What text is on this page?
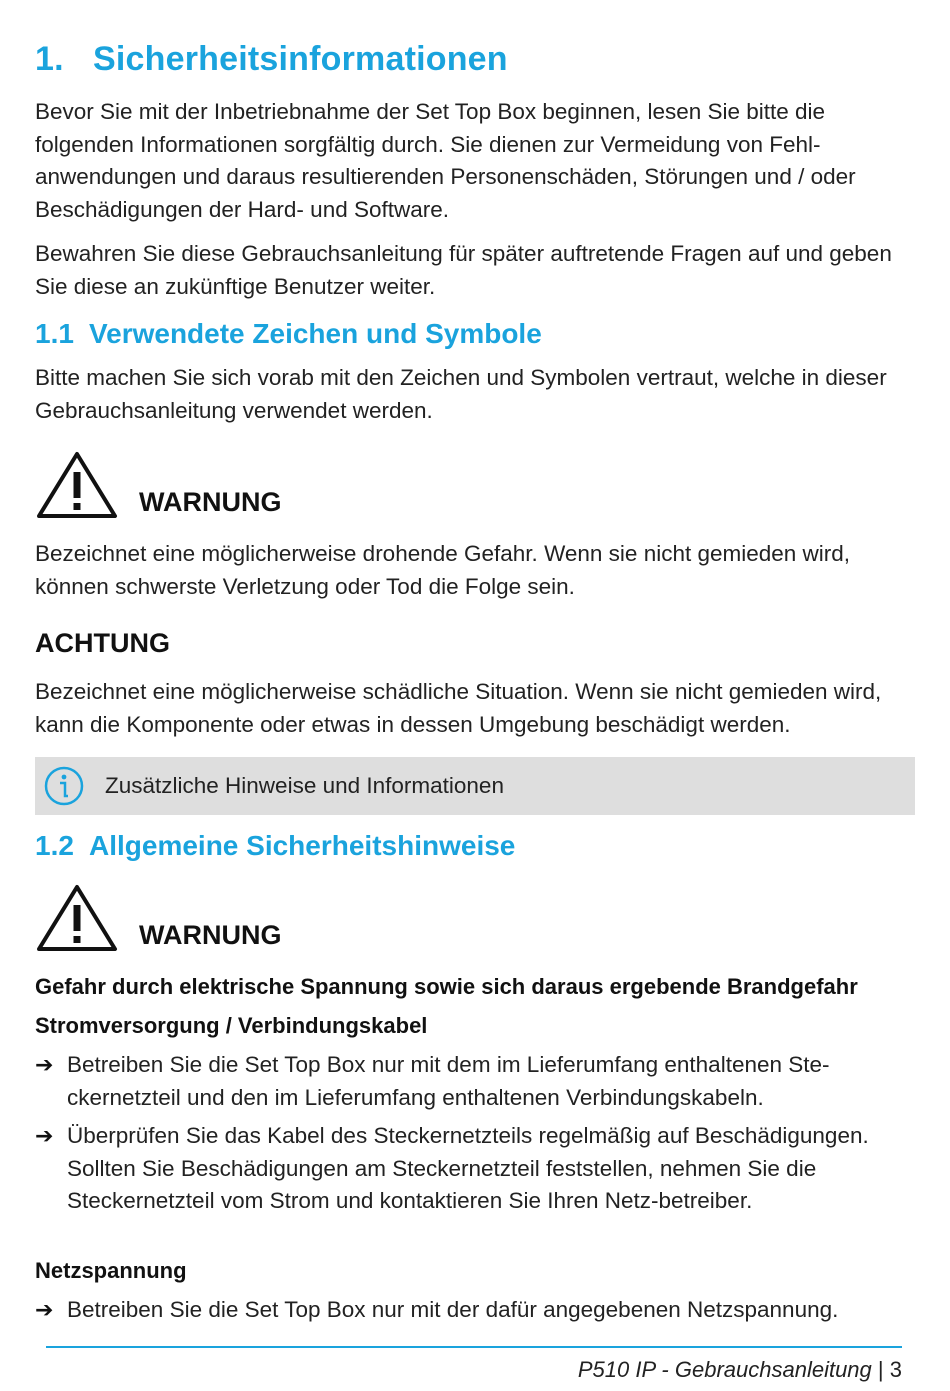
1. Sicherheitsinformationen

Bevor Sie mit der Inbetriebnahme der Set Top Box beginnen, lesen Sie bitte die folgenden Informationen sorgfältig durch. Sie dienen zur Vermeidung von Fehl-anwendungen und daraus resultierenden Personenschäden, Störungen und / oder Beschädigungen der Hard- und Software.

Bewahren Sie diese Gebrauchsanleitung für später auftretende Fragen auf und geben Sie diese an zukünftige Benutzer weiter.

1.1 Verwendete Zeichen und Symbole

Bitte machen Sie sich vorab mit den Zeichen und Symbolen vertraut, welche in dieser Gebrauchsanleitung verwendet werden.

WARNUNG

Bezeichnet eine möglicherweise drohende Gefahr. Wenn sie nicht gemieden wird, können schwerste Verletzung oder Tod die Folge sein.

ACHTUNG

Bezeichnet eine möglicherweise schädliche Situation. Wenn sie nicht gemieden wird, kann die Komponente oder etwas in dessen Umgebung beschädigt werden.

Zusätzliche Hinweise und Informationen
1.2 Allgemeine Sicherheitshinweise
WARNUNG

Gefahr durch elektrische Spannung sowie sich daraus ergebende Brandgefahr

Stromversorgung / Verbindungskabel

➔ Betreiben Sie die Set Top Box nur mit dem im Lieferumfang enthaltenen Ste-ckernetzteil und den im Lieferumfang enthaltenen Verbindungskabeln.
➔ Überprüfen Sie das Kabel des Steckernetzteils regelmäßig auf Beschädigungen. Sollten Sie Beschädigungen am Steckernetzteil feststellen, nehmen Sie die Steckernetzteil vom Strom und kontaktieren Sie Ihren Netz-betreiber.

Netzspannung

➔ Betreiben Sie die Set Top Box nur mit der dafür angegebenen Netzspannung.
P510 IP - Gebrauchsanleitung | 3
